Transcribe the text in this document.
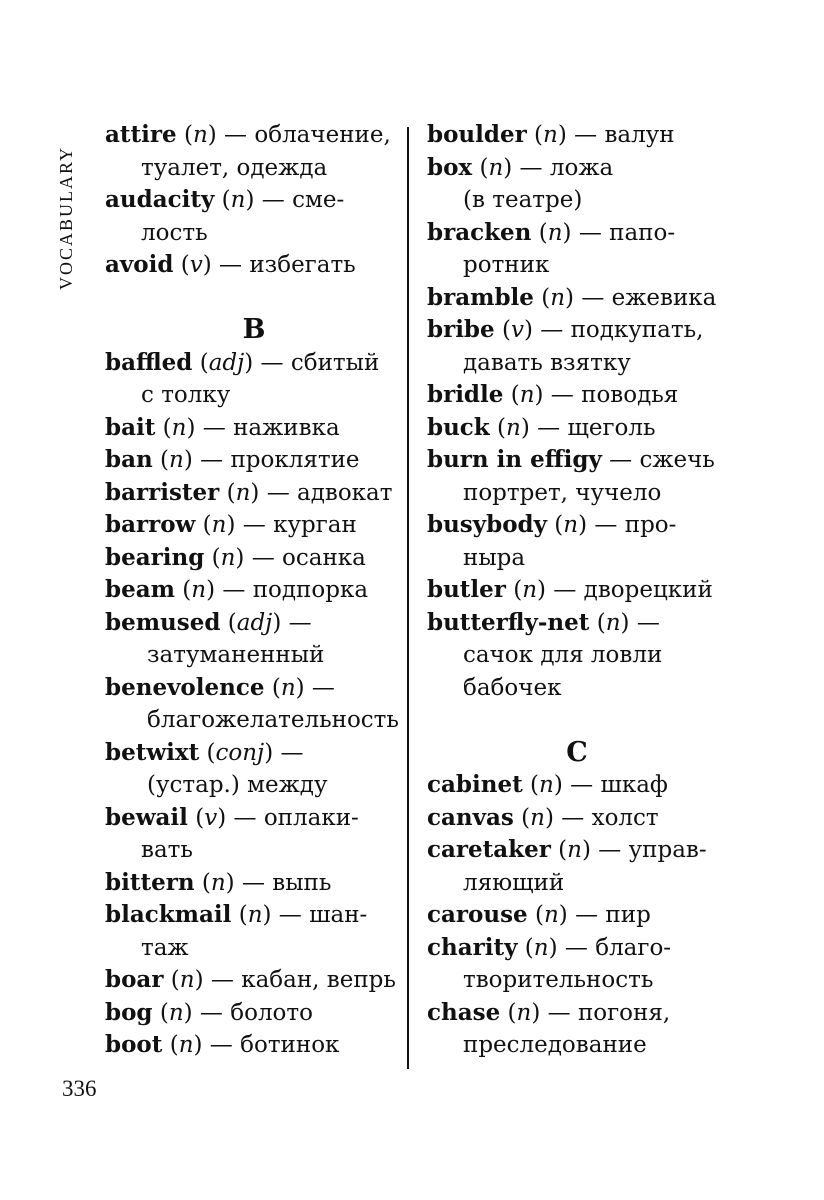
VOCABULARY
attire (n) — облачение,
туалет, одежда
audacity (n) — сме-
лость
avoid (v) — избегать
B
baffled (adj) — сбитый
с толку
bait (n) — наживка
ban (n) — проклятие
barrister (n) — адвокат
barrow (n) — курган
bearing (n) — осанка
beam (n) — подпорка
bemused (adj) —
затуманенный
benevolence (n) —
благожелательность
betwixt (conj) —
(устар.) между
bewail (v) — оплаки-
вать
bittern (n) — выпь
blackmail (n) — шан-
таж
boar (n) — кабан, вепрь
bog (n) — болото
boot (n) — ботинок
boulder (n) — валун
box (n) — ложа
(в театре)
bracken (n) — папо-
ротник
bramble (n) — ежевика
bribe (v) — подкупать,
давать взятку
bridle (n) — поводья
buck (n) — щеголь
burn in effigy — сжечь
портрет, чучело
busybody (n) — про-
ныра
butler (n) — дворецкий
butterfly-net (n) —
сачок для ловли
бабочек
C
cabinet (n) — шкаф
canvas (n) — холст
caretaker (n) — управ-
ляющий
carouse (n) — пир
charity (n) — благо-
творительность
chase (n) — погоня,
преследование
336
